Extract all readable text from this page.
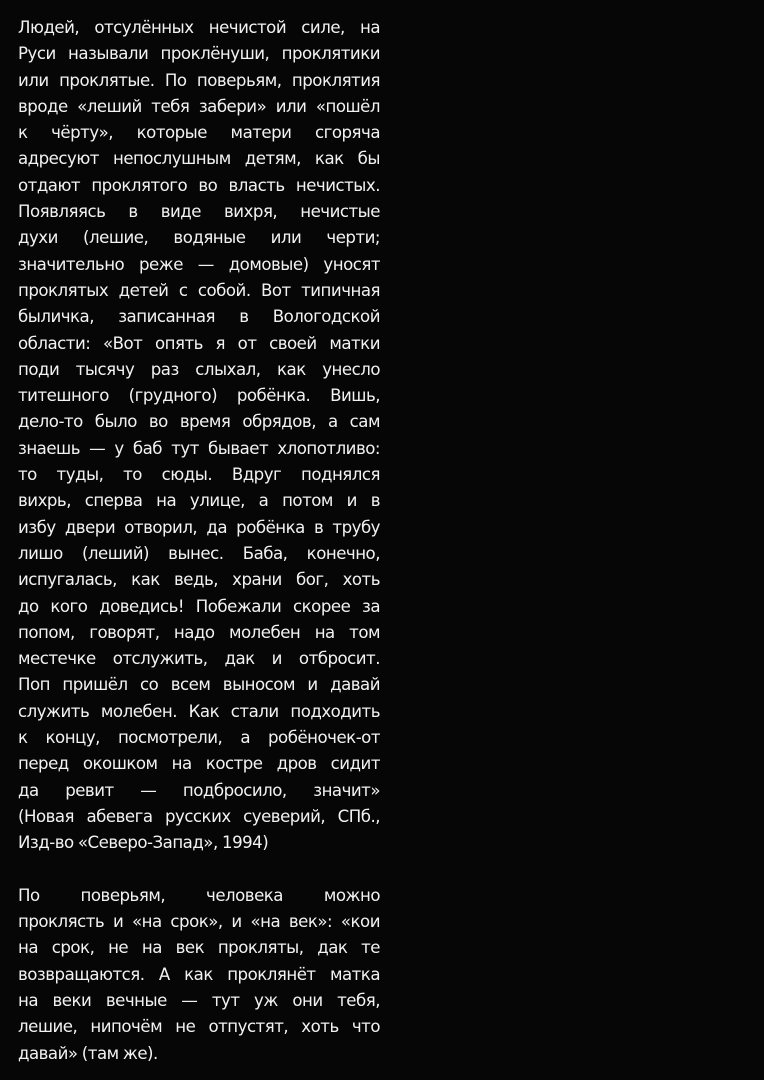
Людей, отсулённых нечистой силе, на
Руси называли проклёнуши, проклятики
или проклятые. По поверьям, проклятия
вроде «леший тебя забери» или «пошёл
к чёрту», которые матери сгоряча
адресуют непослушным детям, как бы
отдают проклятого во власть нечистых.
Появляясь в виде вихря, нечистые
духи (лешие, водяные или черти;
значительно реже — домовые) уносят
проклятых детей с собой. Вот типичная
быличка, записанная в Вологодской
области: «Вот опять я от своей матки
поди тысячу раз слыхал, как унесло
титешного (грудного) робёнка. Вишь,
дело-то было во время обрядов, а сам
знаешь — у баб тут бывает хлопотливо:
то туды, то сюды. Вдруг поднялся
вихрь, сперва на улице, а потом и в
избу двери отворил, да робёнка в трубу
лишо (леший) вынес. Баба, конечно,
испугалась, как ведь, храни бог, хоть
до кого доведись! Побежали скорее за
попом, говорят, надо молебен на том
местечке отслужить, дак и отбросит.
Поп пришёл со всем выносом и давай
служить молебен. Как стали подходить
к концу, посмотрели, а робёночек-от
перед окошком на костре дров сидит
да ревит — подбросило, значит»
(Новая абевега русских суеверий, СПб.,
Изд-во «Северо-Запад», 1994)
По поверьям, человека можно
проклясть и «на срок», и «на век»: «кои
на срок, не на век прокляты, дак те
возвращаются. А как проклянёт матка
на веки вечные — тут уж они тебя,
лешие, нипочём не отпустят, хоть что
давай» (там же).
